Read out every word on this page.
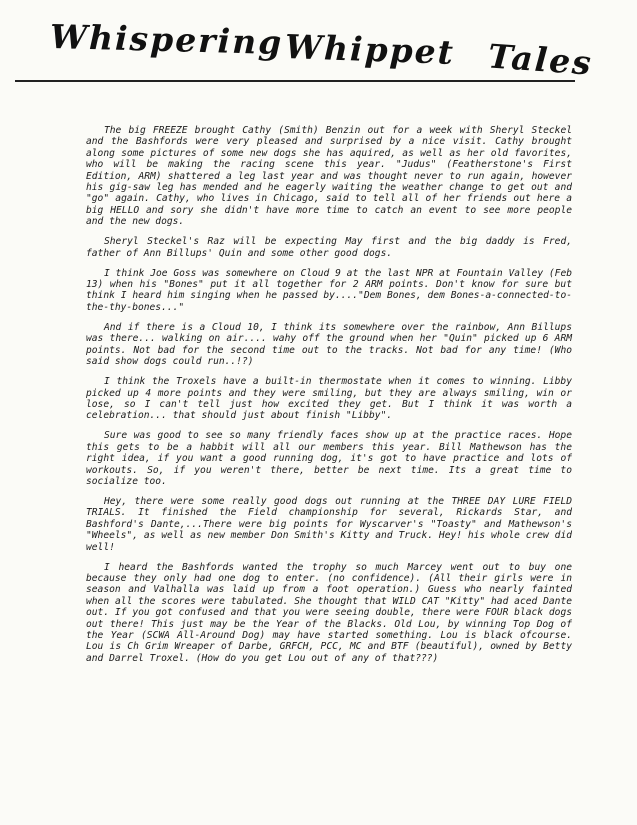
Whispering Whippet Tales

The big FREEZE brought Cathy (Smith) Benzin out for a week with Sheryl Steckel and the Bashfords were very pleased and surprised by a nice visit. Cathy brought along some pictures of some new dogs she has aquired, as well as her old favorites, who will be making the racing scene this year. "Judus" (Featherstone's First Edition, ARM) shattered a leg last year and was thought never to run again, however his gig-saw leg has mended and he eagerly waiting the weather change to get out and "go" again. Cathy, who lives in Chicago, said to tell all of her friends out here a big HELLO and sory she didn't have more time to catch an event to see more people and the new dogs.

Sheryl Steckel's Raz will be expecting May first and the big daddy is Fred, father of Ann Billups' Quin and some other good dogs.

I think Joe Goss was somewhere on Cloud 9 at the last NPR at Fountain Valley (Feb 13) when his "Bones" put it all together for 2 ARM points. Don't know for sure but think I heard him singing when he passed by...."Dem Bones, dem Bones-a-connected-to-the-thy-bones..."

And if there is a Cloud 10, I think its somewhere over the rainbow, Ann Billups was there... walking on air.... wahy off the ground when her "Quin" picked up 6 ARM points. Not bad for the second time out to the tracks. Not bad for any time! (Who said show dogs could run..!?)

I think the Troxels have a built-in thermostate when it comes to winning. Libby picked up 4 more points and they were smiling, but they are always smiling, win or lose, so I can't tell just how excited they get. But I think it was worth a celebration... that should just about finish "Libby".

Sure was good to see so many friendly faces show up at the practice races. Hope this gets to be a habbit will all our members this year. Bill Mathewson has the right idea, if you want a good running dog, it's got to have practice and lots of workouts. So, if you weren't there, better be next time. Its a great time to socialize too.

Hey, there were some really good dogs out running at the THREE DAY LURE FIELD TRIALS. It finished the Field championship for several, Rickards Star, and Bashford's Dante,...There were big points for Wyscarver's "Toasty" and Mathewson's "Wheels", as well as new member Don Smith's Kitty and Truck. Hey! his whole crew did well!

I heard the Bashfords wanted the trophy so much Marcey went out to buy one because they only had one dog to enter. (no confidence). (All their girls were in season and Valhalla was laid up from a foot operation.) Guess who nearly fainted when all the scores were tabulated. She thought that WILD CAT "Kitty" had aced Dante out. If you got confused and that you were seeing double, there were FOUR black dogs out there! This just may be the Year of the Blacks. Old Lou, by winning Top Dog of the Year (SCWA All-Around Dog) may have started something. Lou is black ofcourse. Lou is Ch Grim Wreaper of Darbe, GRFCH, PCC, MC and BTF (beautiful), owned by Betty and Darrel Troxel. (How do you get Lou out of any of that???)
